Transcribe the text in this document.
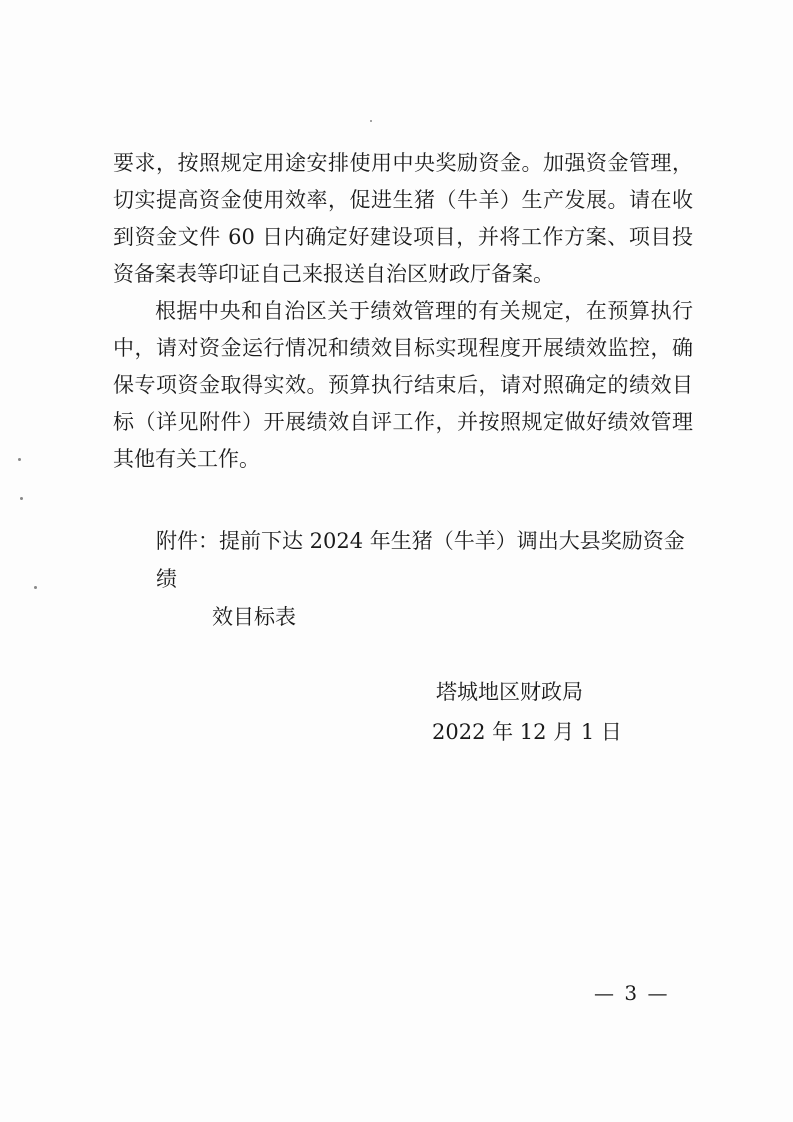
要求，按照规定用途安排使用中央奖励资金。加强资金管理，切实提高资金使用效率，促进生猪（牛羊）生产发展。请在收到资金文件 60 日内确定好建设项目，并将工作方案、项目投资备案表等印证自己来报送自治区财政厅备案。

根据中央和自治区关于绩效管理的有关规定，在预算执行中，请对资金运行情况和绩效目标实现程度开展绩效监控，确保专项资金取得实效。预算执行结束后，请对照确定的绩效目标（详见附件）开展绩效自评工作，并按照规定做好绩效管理其他有关工作。

附件：提前下达 2024 年生猪（牛羊）调出大县奖励资金绩
效目标表
塔城地区财政局
2022 年 12 月 1 日
— 3 —
